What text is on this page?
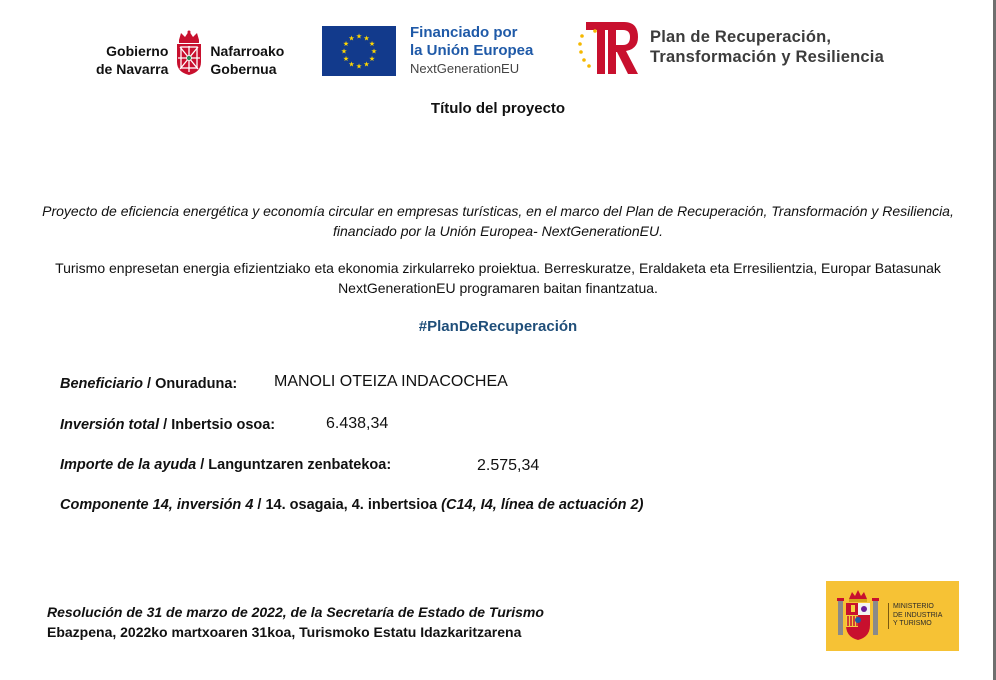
Gobierno
de Navarra
Nafarroako
Gobernua
★ ★
★
★
★
★
★
★
★
★
★
★	Financiado por
la Unión Europea
NextGenerationEU
Plan de Recuperación,
Transformación y Resiliencia
Título del proyecto
Proyecto de eficiencia energética y economía circular en empresas turísticas, en el marco del Plan de Recuperación, Transformación y Resiliencia, financiado por la Unión Europea- NextGenerationEU.
Turismo enpresetan energia efizientziako eta ekonomia zirkularreko proiektua. Berreskuratze, Eraldaketa eta Erresilientzia, Europar Batasunak NextGenerationEU programaren baitan finantzatua.
#PlanDeRecuperación
Beneficiario / Onuraduna: MANOLI OTEIZA INDACOCHEA
Inversión total / Inbertsio osoa:	6.438,34
Importe de la ayuda / Languntzaren zenbatekoa:	2.575,34
Componente 14, inversión 4 / 14. osagaia, 4. inbertsioa (C14, I4, línea de actuación 2)
Resolución de 31 de marzo de 2022, de la Secretaría de Estado de Turismo
Ebazpena, 2022ko martxoaren 31koa, Turismoko Estatu Idazkaritzarena
MINISTERIO
DE INDUSTRIA
Y TURISMO
